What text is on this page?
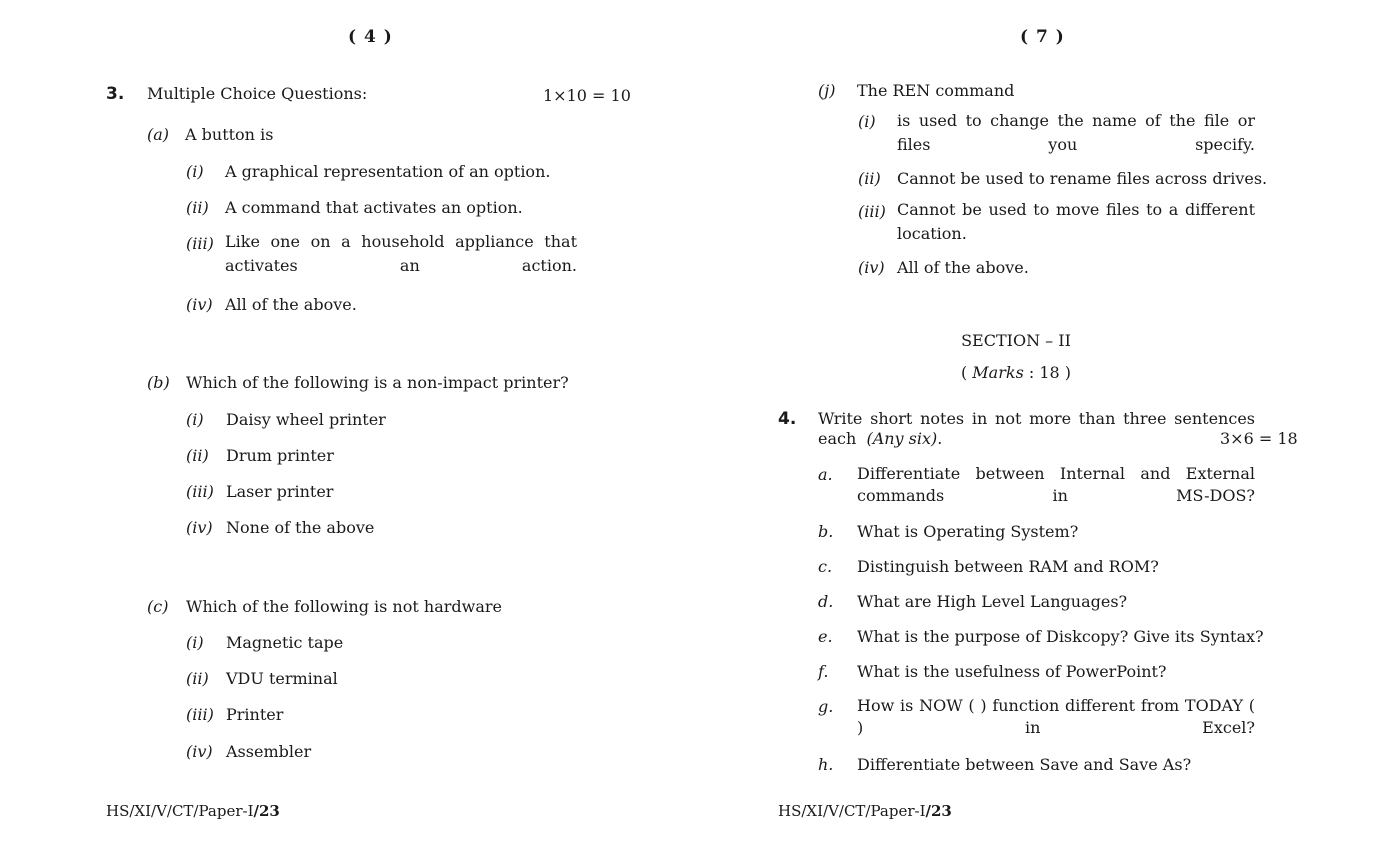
( 4 )
3. Multiple Choice Questions:	1×10 = 10
(a) A button is
(i) A graphical representation of an option.
(ii) A command that activates an option.
(iii) Like one on a household appliance that activates an action.
(iv) All of the above.
(b) Which of the following is a non-impact printer?
(i) Daisy wheel printer
(ii) Drum printer
(iii) Laser printer
(iv) None of the above
(c) Which of the following is not hardware
(i) Magnetic tape
(ii) VDU terminal
(iii) Printer
(iv) Assembler
HS/XI/V/CT/Paper-I/23
( 7 )
(j) The REN command
(i) is used to change the name of the file or files you specify.
(ii) Cannot be used to rename files across drives.
(iii) Cannot be used to move files to a different location.
(iv) All of the above.
SECTION – II
( Marks : 18 )
4. Write short notes in not more than three sentences
each (Any six).	3×6 = 18
a. Differentiate between Internal and External commands in MS-DOS?
b. What is Operating System?
c. Distinguish between RAM and ROM?
d. What are High Level Languages?
e. What is the purpose of Diskcopy? Give its Syntax?
f. What is the usefulness of PowerPoint?
g. How is NOW ( ) function different from TODAY ( ) in Excel?
h. Differentiate between Save and Save As?
HS/XI/V/CT/Paper-I/23
